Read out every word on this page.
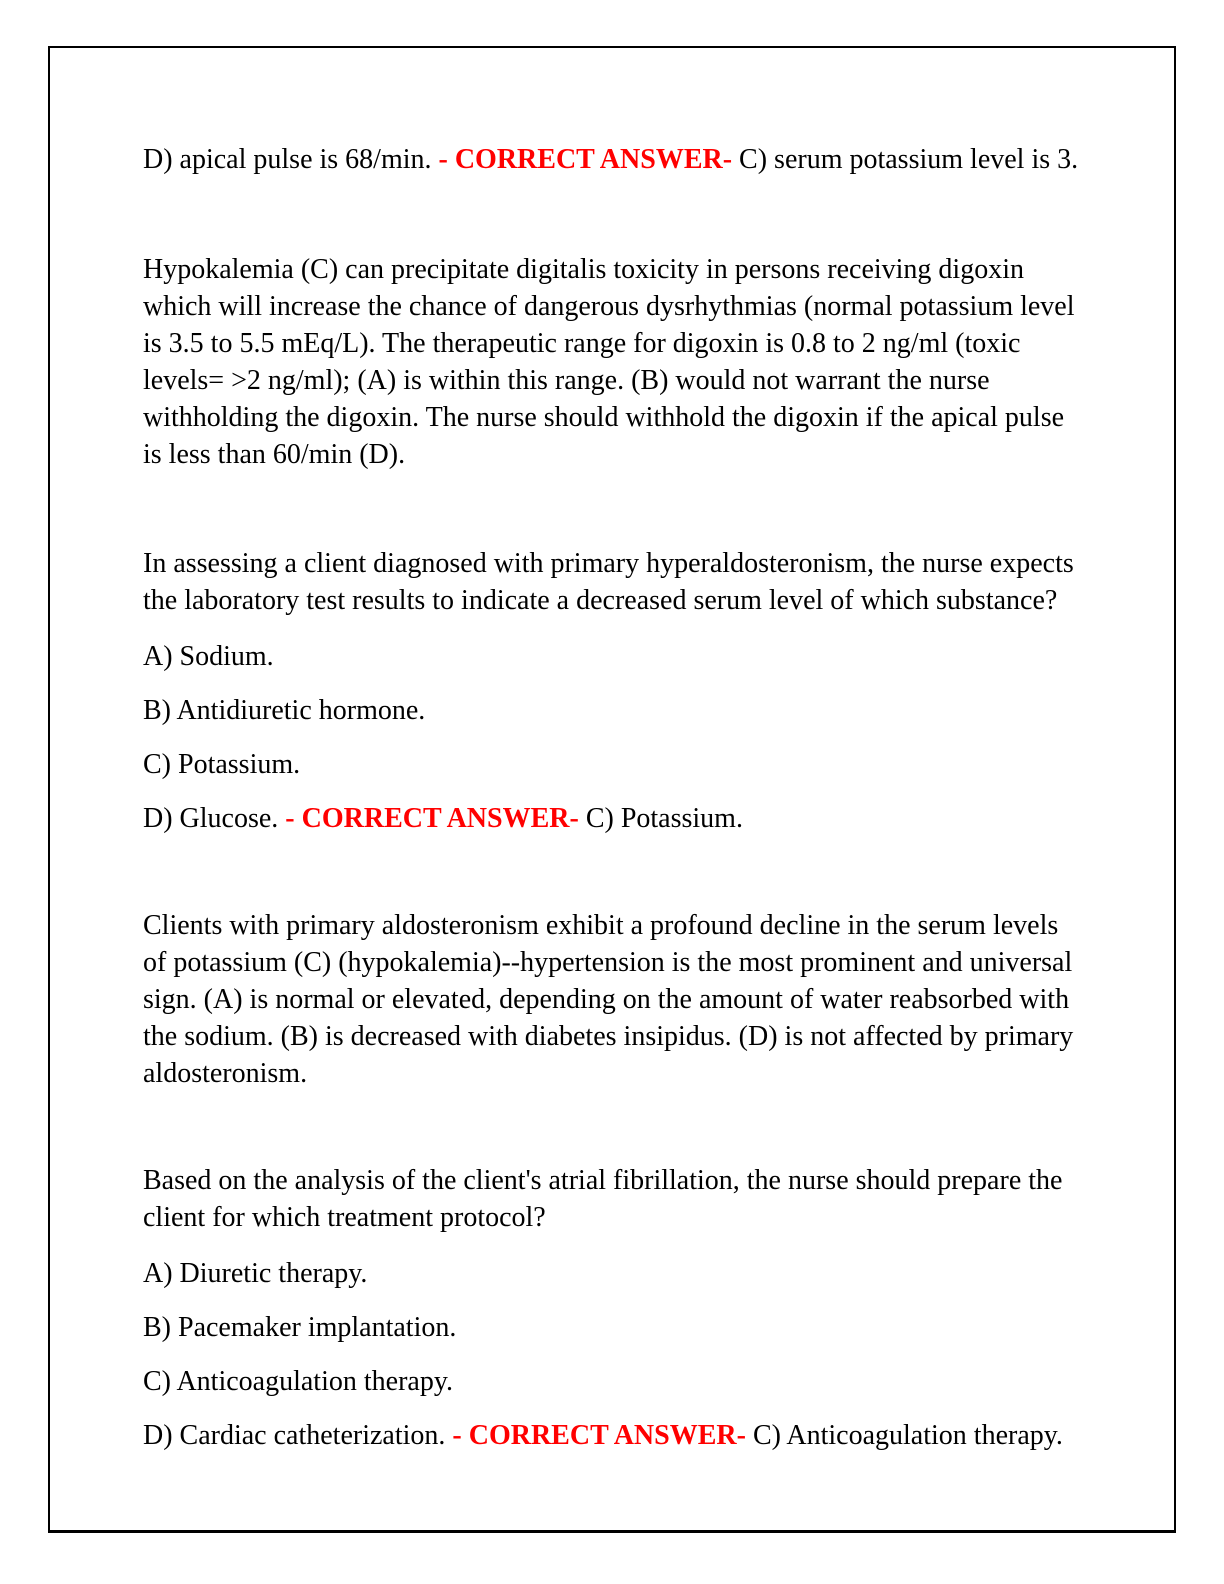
D) apical pulse is 68/min. - CORRECT ANSWER- C) serum potassium level is 3.
Hypokalemia (C) can precipitate digitalis toxicity in persons receiving digoxin
which will increase the chance of dangerous dysrhythmias (normal potassium level
is 3.5 to 5.5 mEq/L). The therapeutic range for digoxin is 0.8 to 2 ng/ml (toxic
levels= >2 ng/ml); (A) is within this range. (B) would not warrant the nurse
withholding the digoxin. The nurse should withhold the digoxin if the apical pulse
is less than 60/min (D).
In assessing a client diagnosed with primary hyperaldosteronism, the nurse expects
the laboratory test results to indicate a decreased serum level of which substance?
A) Sodium.
B) Antidiuretic hormone.
C) Potassium.
D) Glucose. - CORRECT ANSWER- C) Potassium.
Clients with primary aldosteronism exhibit a profound decline in the serum levels
of potassium (C) (hypokalemia)--hypertension is the most prominent and universal
sign. (A) is normal or elevated, depending on the amount of water reabsorbed with
the sodium. (B) is decreased with diabetes insipidus. (D) is not affected by primary
aldosteronism.
Based on the analysis of the client's atrial fibrillation, the nurse should prepare the
client for which treatment protocol?
A) Diuretic therapy.
B) Pacemaker implantation.
C) Anticoagulation therapy.
D) Cardiac catheterization. - CORRECT ANSWER- C) Anticoagulation therapy.
